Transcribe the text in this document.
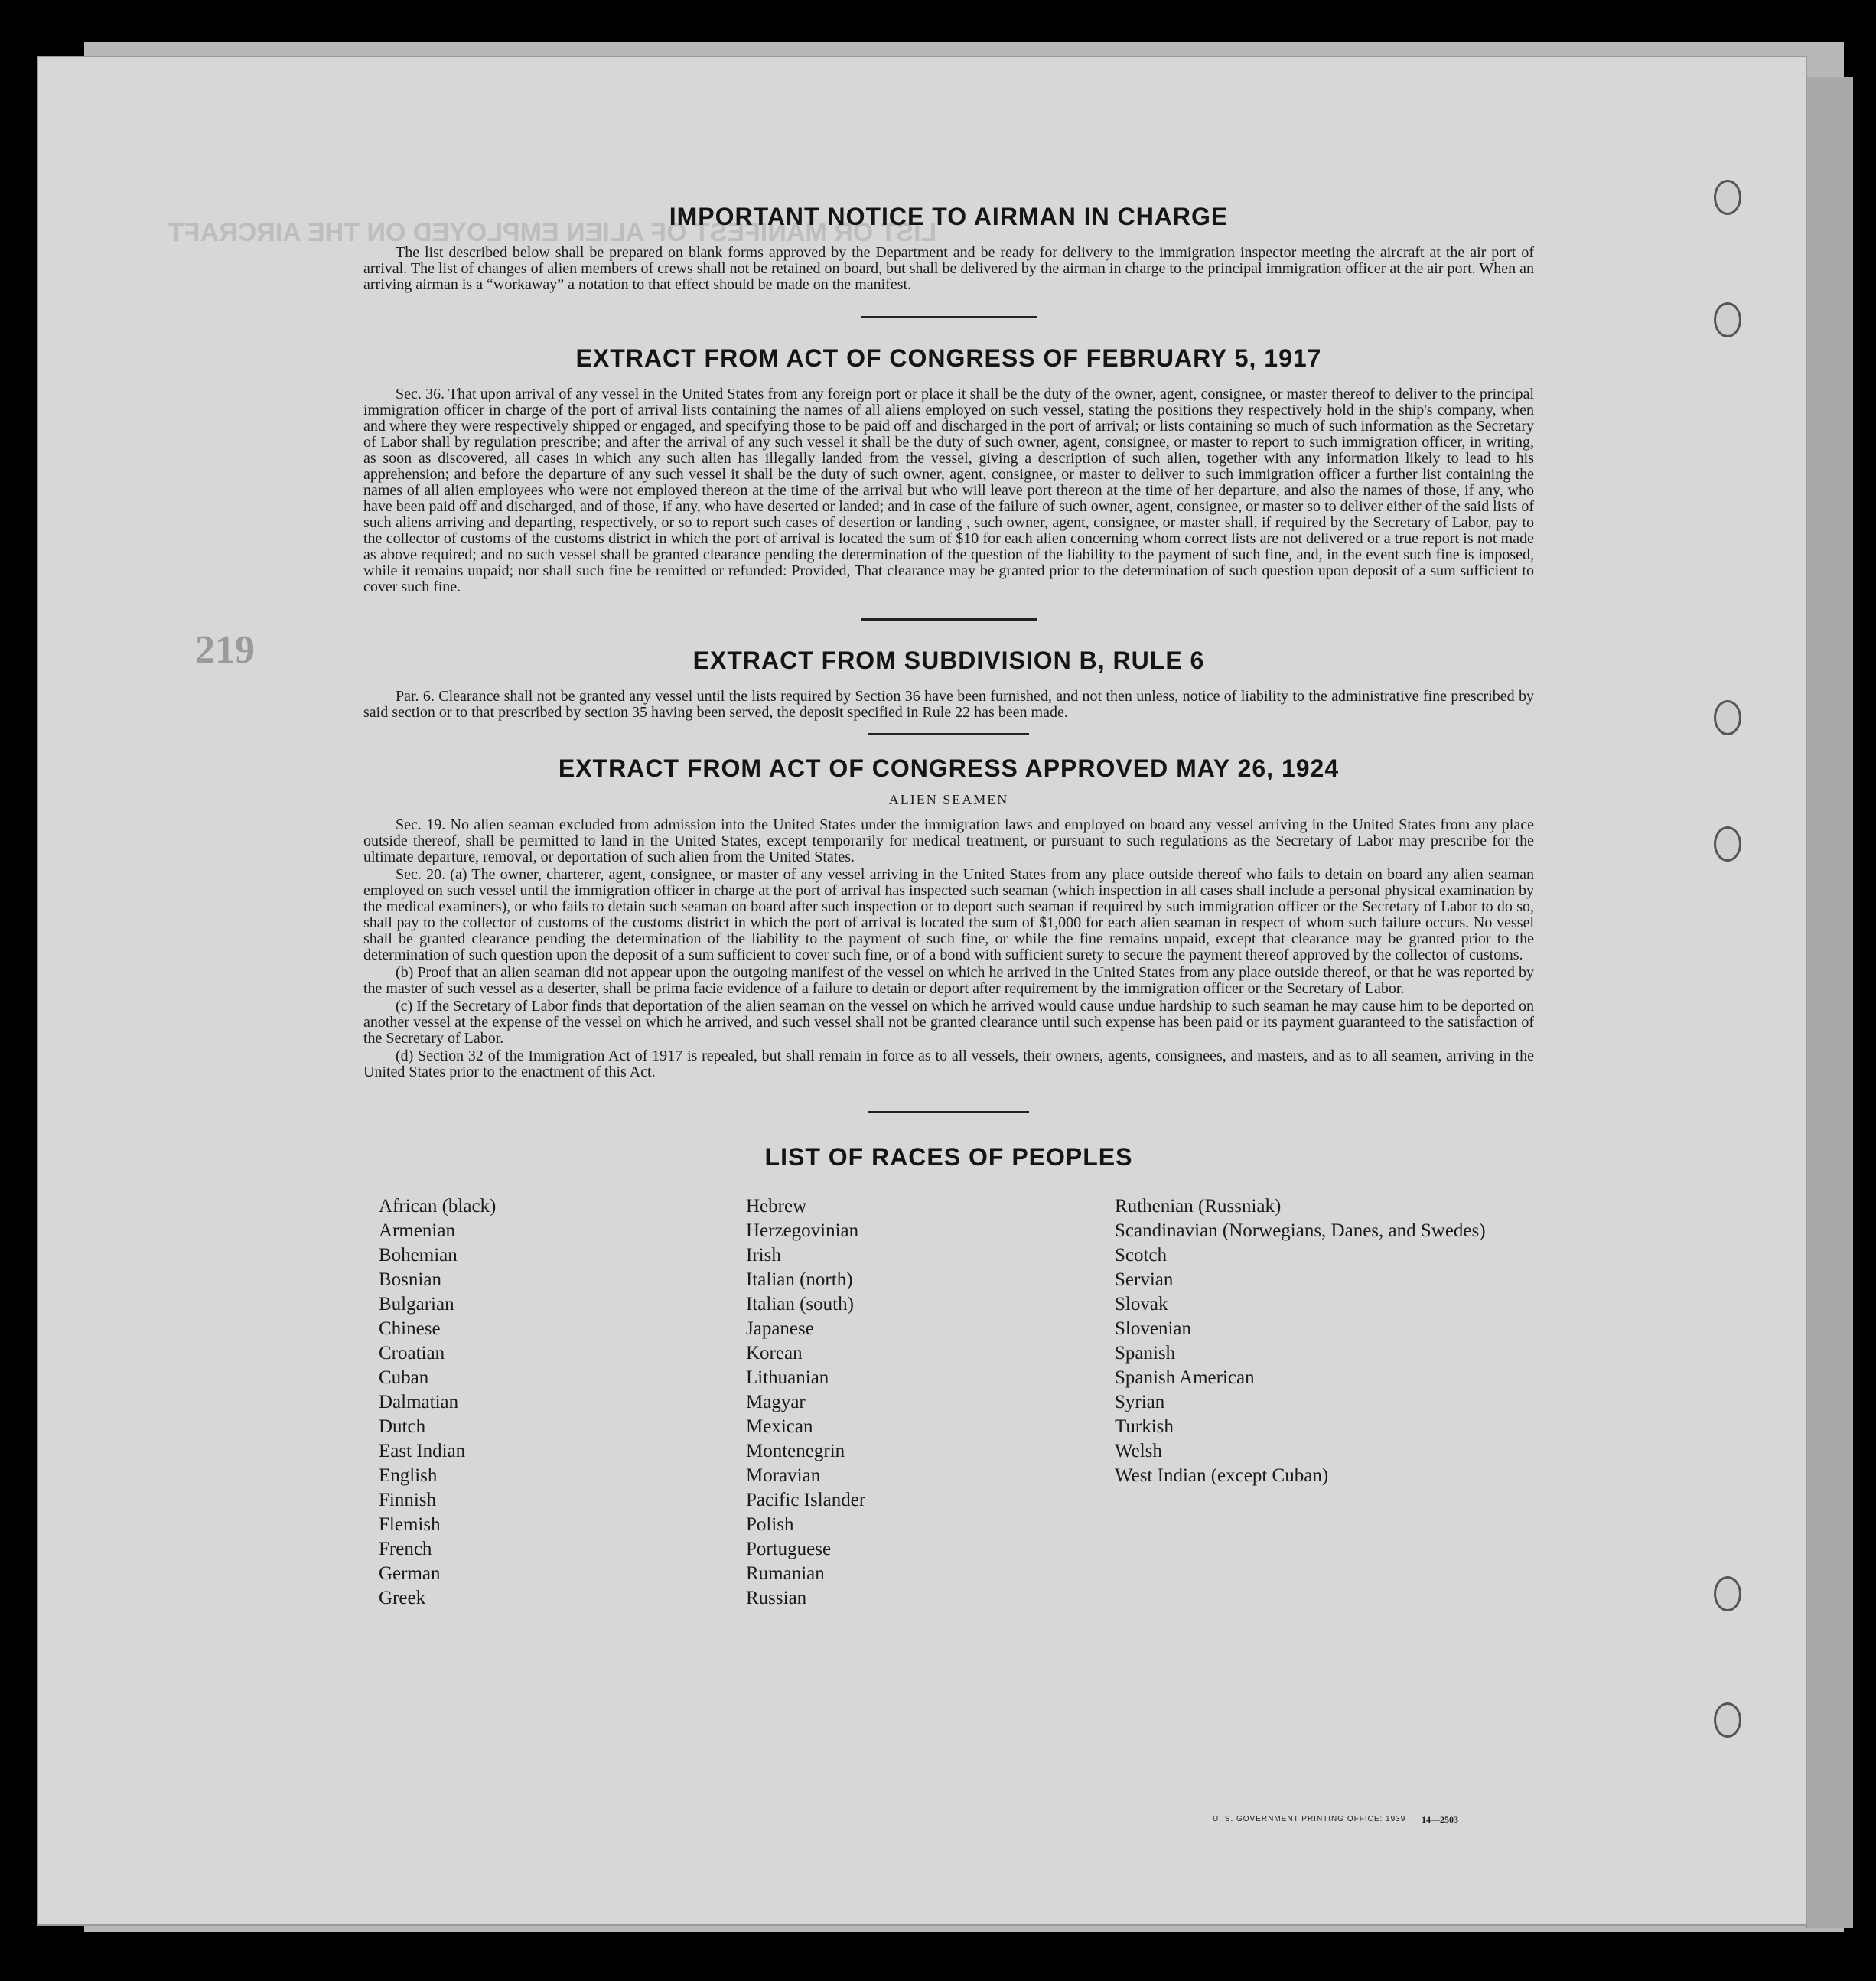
LIST OR MANIFEST OF ALIEN EMPLOYED ON THE AIRCRAFT
219
IMPORTANT NOTICE TO AIRMAN IN CHARGE

The list described below shall be prepared on blank forms approved by the Department and be ready for delivery to the immigration inspector meeting the aircraft at the air port of arrival. The list of changes of alien members of crews shall not be retained on board, but shall be delivered by the airman in charge to the principal immigration officer at the air port. When an arriving airman is a “workaway” a notation to that effect should be made on the manifest.

EXTRACT FROM ACT OF CONGRESS OF FEBRUARY 5, 1917

Sec. 36. That upon arrival of any vessel in the United States from any foreign port or place it shall be the duty of the owner, agent, consignee, or master thereof to deliver to the principal immigration officer in charge of the port of arrival lists containing the names of all aliens employed on such vessel, stating the positions they respectively hold in the ship's company, when and where they were respectively shipped or engaged, and specifying those to be paid off and discharged in the port of arrival; or lists containing so much of such information as the Secretary of Labor shall by regulation prescribe; and after the arrival of any such vessel it shall be the duty of such owner, agent, consignee, or master to report to such immigration officer, in writing, as soon as discovered, all cases in which any such alien has illegally landed from the vessel, giving a description of such alien, together with any information likely to lead to his apprehension; and before the departure of any such vessel it shall be the duty of such owner, agent, consignee, or master to deliver to such immigration officer a further list containing the names of all alien employees who were not employed thereon at the time of the arrival but who will leave port thereon at the time of her departure, and also the names of those, if any, who have been paid off and discharged, and of those, if any, who have deserted or landed; and in case of the failure of such owner, agent, consignee, or master so to deliver either of the said lists of such aliens arriving and departing, respectively, or so to report such cases of desertion or landing , such owner, agent, consignee, or master shall, if required by the Secretary of Labor, pay to the collector of customs of the customs district in which the port of arrival is located the sum of $10 for each alien concerning whom correct lists are not delivered or a true report is not made as above required; and no such vessel shall be granted clearance pending the determination of the question of the liability to the payment of such fine, and, in the event such fine is imposed, while it remains unpaid; nor shall such fine be remitted or refunded: Provided, That clearance may be granted prior to the determination of such question upon deposit of a sum sufficient to cover such fine.

EXTRACT FROM SUBDIVISION B, RULE 6

Par. 6. Clearance shall not be granted any vessel until the lists required by Section 36 have been furnished, and not then unless, notice of liability to the administrative fine prescribed by said section or to that prescribed by section 35 having been served, the deposit specified in Rule 22 has been made.

EXTRACT FROM ACT OF CONGRESS APPROVED MAY 26, 1924
ALIEN SEAMEN

Sec. 19. No alien seaman excluded from admission into the United States under the immigration laws and employed on board any vessel arriving in the United States from any place outside thereof, shall be permitted to land in the United States, except temporarily for medical treatment, or pursuant to such regulations as the Secretary of Labor may prescribe for the ultimate departure, removal, or deportation of such alien from the United States.

Sec. 20. (a) The owner, charterer, agent, consignee, or master of any vessel arriving in the United States from any place outside thereof who fails to detain on board any alien seaman employed on such vessel until the immigration officer in charge at the port of arrival has inspected such seaman (which inspection in all cases shall include a personal physical examination by the medical examiners), or who fails to detain such seaman on board after such inspection or to deport such seaman if required by such immigration officer or the Secretary of Labor to do so, shall pay to the collector of customs of the customs district in which the port of arrival is located the sum of $1,000 for each alien seaman in respect of whom such failure occurs. No vessel shall be granted clearance pending the determination of the liability to the payment of such fine, or while the fine remains unpaid, except that clearance may be granted prior to the determination of such question upon the deposit of a sum sufficient to cover such fine, or of a bond with sufficient surety to secure the payment thereof approved by the collector of customs.

(b) Proof that an alien seaman did not appear upon the outgoing manifest of the vessel on which he arrived in the United States from any place outside thereof, or that he was reported by the master of such vessel as a deserter, shall be prima facie evidence of a failure to detain or deport after requirement by the immigration officer or the Secretary of Labor.

(c) If the Secretary of Labor finds that deportation of the alien seaman on the vessel on which he arrived would cause undue hardship to such seaman he may cause him to be deported on another vessel at the expense of the vessel on which he arrived, and such vessel shall not be granted clearance until such expense has been paid or its payment guaranteed to the satisfaction of the Secretary of Labor.

(d) Section 32 of the Immigration Act of 1917 is repealed, but shall remain in force as to all vessels, their owners, agents, consignees, and masters, and as to all seamen, arriving in the United States prior to the enactment of this Act.

LIST OF RACES OF PEOPLES
African (black)
Armenian
Bohemian
Bosnian
Bulgarian
Chinese
Croatian
Cuban
Dalmatian
Dutch
East Indian
English
Finnish
Flemish
French
German
Greek
Hebrew
Herzegovinian
Irish
Italian (north)
Italian (south)
Japanese
Korean
Lithuanian
Magyar
Mexican
Montenegrin
Moravian
Pacific Islander
Polish
Portuguese
Rumanian
Russian
Ruthenian (Russniak)
Scandinavian (Norwegians, Danes, and Swedes)
Scotch
Servian
Slovak
Slovenian
Spanish
Spanish American
Syrian
Turkish
Welsh
West Indian (except Cuban)
U. S. GOVERNMENT PRINTING OFFICE: 1939 14—2503
